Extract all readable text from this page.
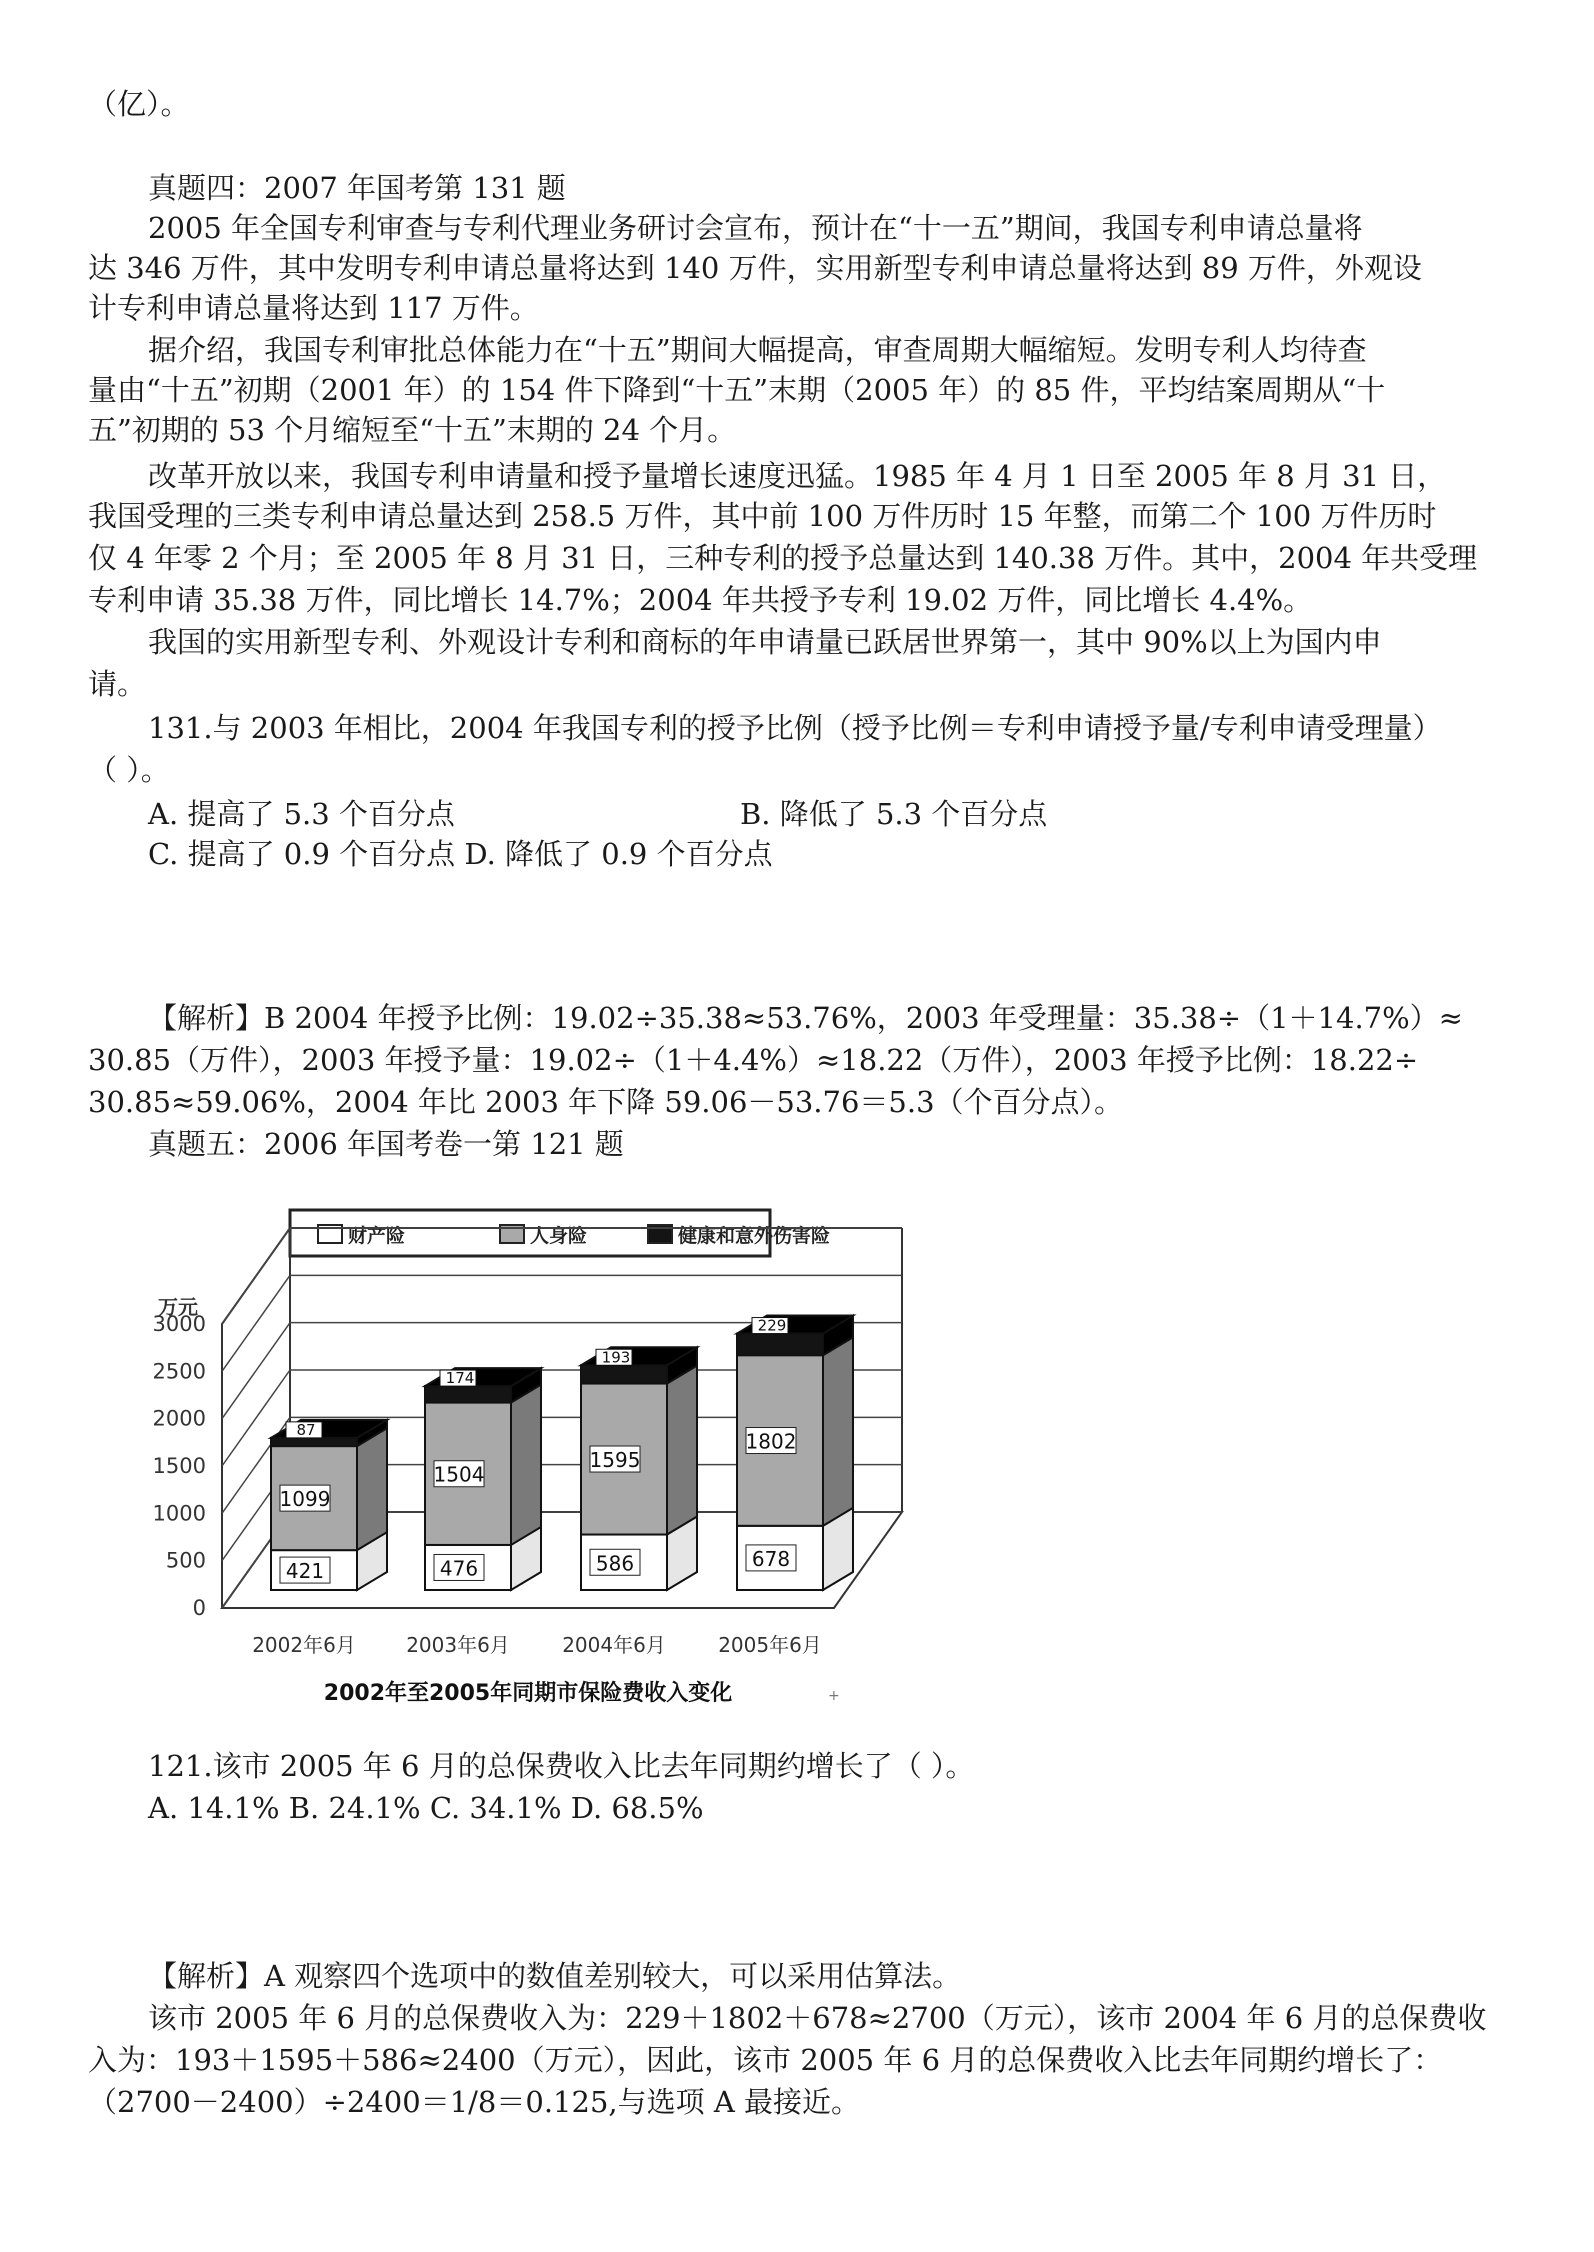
（亿）。
真题四：2007 年国考第 131 题
2005 年全国专利审查与专利代理业务研讨会宣布，预计在“十一五”期间，我国专利申请总量将
达 346 万件，其中发明专利申请总量将达到 140 万件，实用新型专利申请总量将达到 89 万件，外观设
计专利申请总量将达到 117 万件。
据介绍，我国专利审批总体能力在“十五”期间大幅提高，审查周期大幅缩短。发明专利人均待查
量由“十五”初期（2001 年）的 154 件下降到“十五”末期（2005 年）的 85 件，平均结案周期从“十
五”初期的 53 个月缩短至“十五”末期的 24 个月。
改革开放以来，我国专利申请量和授予量增长速度迅猛。1985 年 4 月 1 日至 2005 年 8 月 31 日，
我国受理的三类专利申请总量达到 258.5 万件，其中前 100 万件历时 15 年整，而第二个 100 万件历时
仅 4 年零 2 个月；至 2005 年 8 月 31 日，三种专利的授予总量达到 140.38 万件。其中，2004 年共受理
专利申请 35.38 万件，同比增长 14.7%；2004 年共授予专利 19.02 万件，同比增长 4.4%。
我国的实用新型专利、外观设计专利和商标的年申请量已跃居世界第一，其中 90%以上为国内申
请。
131.与 2003 年相比，2004 年我国专利的授予比例（授予比例＝专利申请授予量/专利申请受理量）
（ ）。
A. 提高了 5.3 个百分点	B. 降低了 5.3 个百分点
C. 提高了 0.9 个百分点 D. 降低了 0.9 个百分点
【解析】B 2004 年授予比例：19.02÷35.38≈53.76%，2003 年受理量：35.38÷（1＋14.7%）≈
30.85（万件），2003 年授予量：19.02÷（1＋4.4%）≈18.22（万件），2003 年授予比例：18.22÷
30.85≈59.06%，2004 年比 2003 年下降 59.06－53.76＝5.3（个百分点）。
真题五：2006 年国考卷一第 121 题
121.该市 2005 年 6 月的总保费收入比去年同期约增长了（ ）。
A. 14.1% B. 24.1% C. 34.1% D. 68.5%
【解析】A 观察四个选项中的数值差别较大，可以采用估算法。
该市 2005 年 6 月的总保费收入为：229＋1802＋678≈2700（万元），该市 2004 年 6 月的总保费收
入为：193＋1595＋586≈2400（万元），因此，该市 2005 年 6 月的总保费收入比去年同期约增长了：
（2700－2400）÷2400＝1/8＝0.125,与选项 A 最接近。
财产险	人身险	健康和意外伤害险
万元
0
500
1000
1500
2000
2500
3000
421
1099
87
476
1504
174
586
1595
193
678
1802
229
2002年6月	2003年6月	2004年6月	2005年6月
2002年至2005年同期市保险费收入变化	+
